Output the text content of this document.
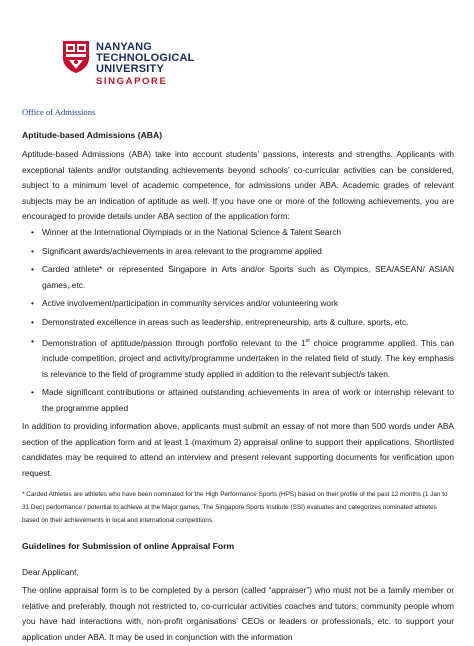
NANYANG
TECHNOLOGICAL
UNIVERSITY
SINGAPORE
Office of Admissions
Aptitude-based Admissions (ABA)

Aptitude-based Admissions (ABA) take into account students’ passions, interests and strengths. Applicants with exceptional talents and/or outstanding achievements beyond schools’ co-curricular activities can be considered, subject to a minimum level of academic competence, for admissions under ABA. Academic grades of relevant subjects may be an indication of aptitude as well. If you have one or more of the following achievements, you are encouraged to provide details under ABA section of the application form:

• Winner at the International Olympiads or in the National Science & Talent Search
• Significant awards/achievements in area relevant to the programme applied
• Carded athlete* or represented Singapore in Arts and/or Sports such as Olympics, SEA/ASEAN/ ASIAN games, etc.
• Active involvement/participation in community services and/or volunteering work
• Demonstrated excellence in areas such as leadership, entrepreneurship, arts & culture, sports, etc.
• Demonstration of aptitude/passion through portfolio relevant to the 1st choice programme applied. This can include competition, project and activity/programme undertaken in the related field of study. The key emphasis is relevance to the field of programme study applied in addition to the relevant subject/s taken.
• Made significant contributions or attained outstanding achievements in area of work or internship relevant to the programme applied

In addition to providing information above, applicants must submit an essay of not more than 500 words under ABA section of the application form and at least 1 (maximum 2) appraisal online to support their applications. Shortlisted candidates may be required to attend an interview and present relevant supporting documents for verification upon request.

* Carded Athletes are athletes who have been nominated for the High Performance Sports (HPS) based on their profile of the past 12 months (1 Jan to 31 Dec) performance / potential to achieve at the Major games. The Singapore Sports Institute (SSI) evaluates and categorizes nominated athletes based on their achievements in local and international competitions.

Guidelines for Submission of online Appraisal Form

Dear Applicant,

The online appraisal form is to be completed by a person (called “appraiser”) who must not be a family member or relative and preferably, though not restricted to, co-curricular activities coaches and tutors, community people whom you have had interactions with, non-profit organisations’ CEOs or leaders or professionals, etc. to support your application under ABA. It may be used in conjunction with the information
